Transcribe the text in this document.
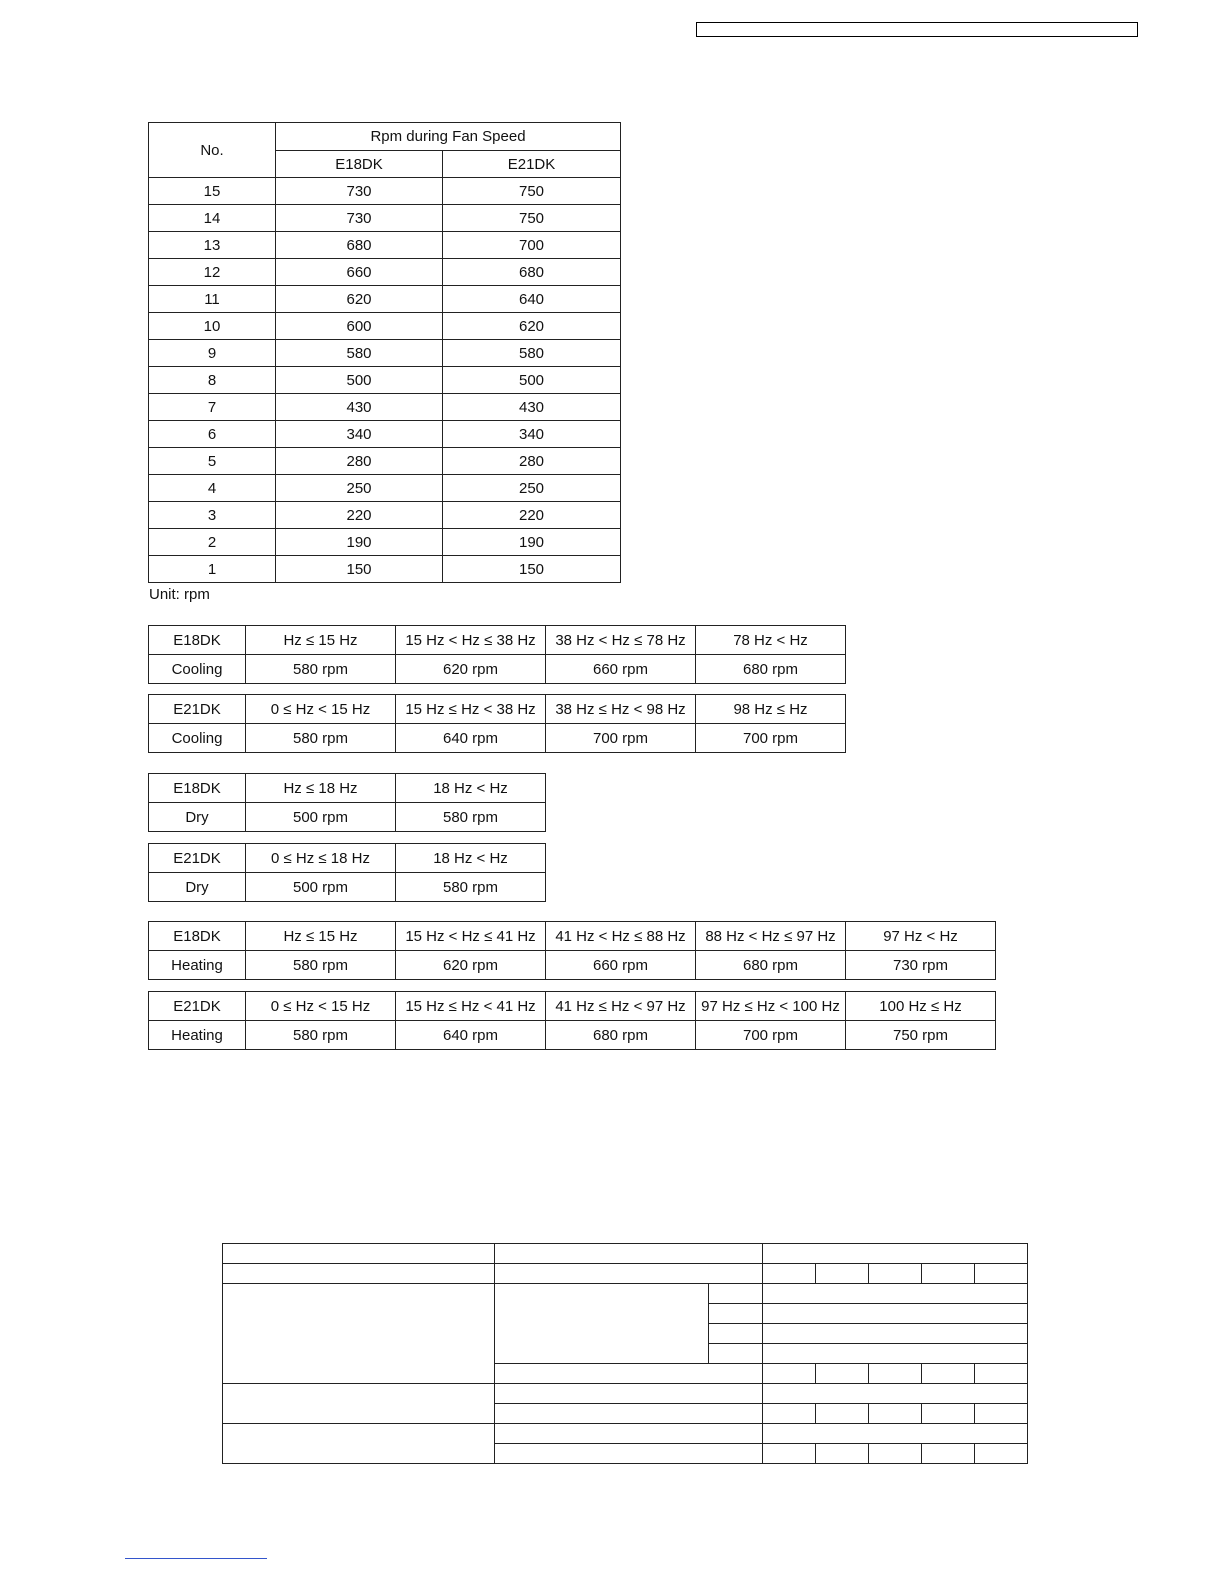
No.	Rpm during Fan Speed	
	E18DK	E21DK
15	730	750
14	730	750
13	680	700
12	660	680
11	620	640
10	600	620
9	580	580
8	500	500
7	430	430
6	340	340
5	280	280
4	250	250
3	220	220
2	190	190
1	150	150
Unit: rpm
E18DK	Hz ≤ 15 Hz	15 Hz < Hz ≤ 38 Hz	38 Hz < Hz ≤ 78 Hz	78 Hz < Hz
Cooling	580 rpm	620 rpm	660 rpm	680 rpm
E21DK	0 ≤ Hz < 15 Hz	15 Hz ≤ Hz < 38 Hz	38 Hz ≤ Hz < 98 Hz	98 Hz ≤ Hz
Cooling	580 rpm	640 rpm	700 rpm	700 rpm
E18DK	Hz ≤ 18 Hz	18 Hz < Hz
Dry	500 rpm	580 rpm
E21DK	0 ≤ Hz ≤ 18 Hz	18 Hz < Hz
Dry	500 rpm	580 rpm
E18DK	Hz ≤ 15 Hz	15 Hz < Hz ≤ 41 Hz	41 Hz < Hz ≤ 88 Hz	88 Hz < Hz ≤ 97 Hz	97 Hz < Hz
Heating	580 rpm	620 rpm	660 rpm	680 rpm	730 rpm
E21DK	0 ≤ Hz < 15 Hz	15 Hz ≤ Hz < 41 Hz	41 Hz ≤ Hz < 97 Hz	97 Hz ≤ Hz < 100 Hz	100 Hz ≤ Hz
Heating	580 rpm	640 rpm	680 rpm	700 rpm	750 rpm
